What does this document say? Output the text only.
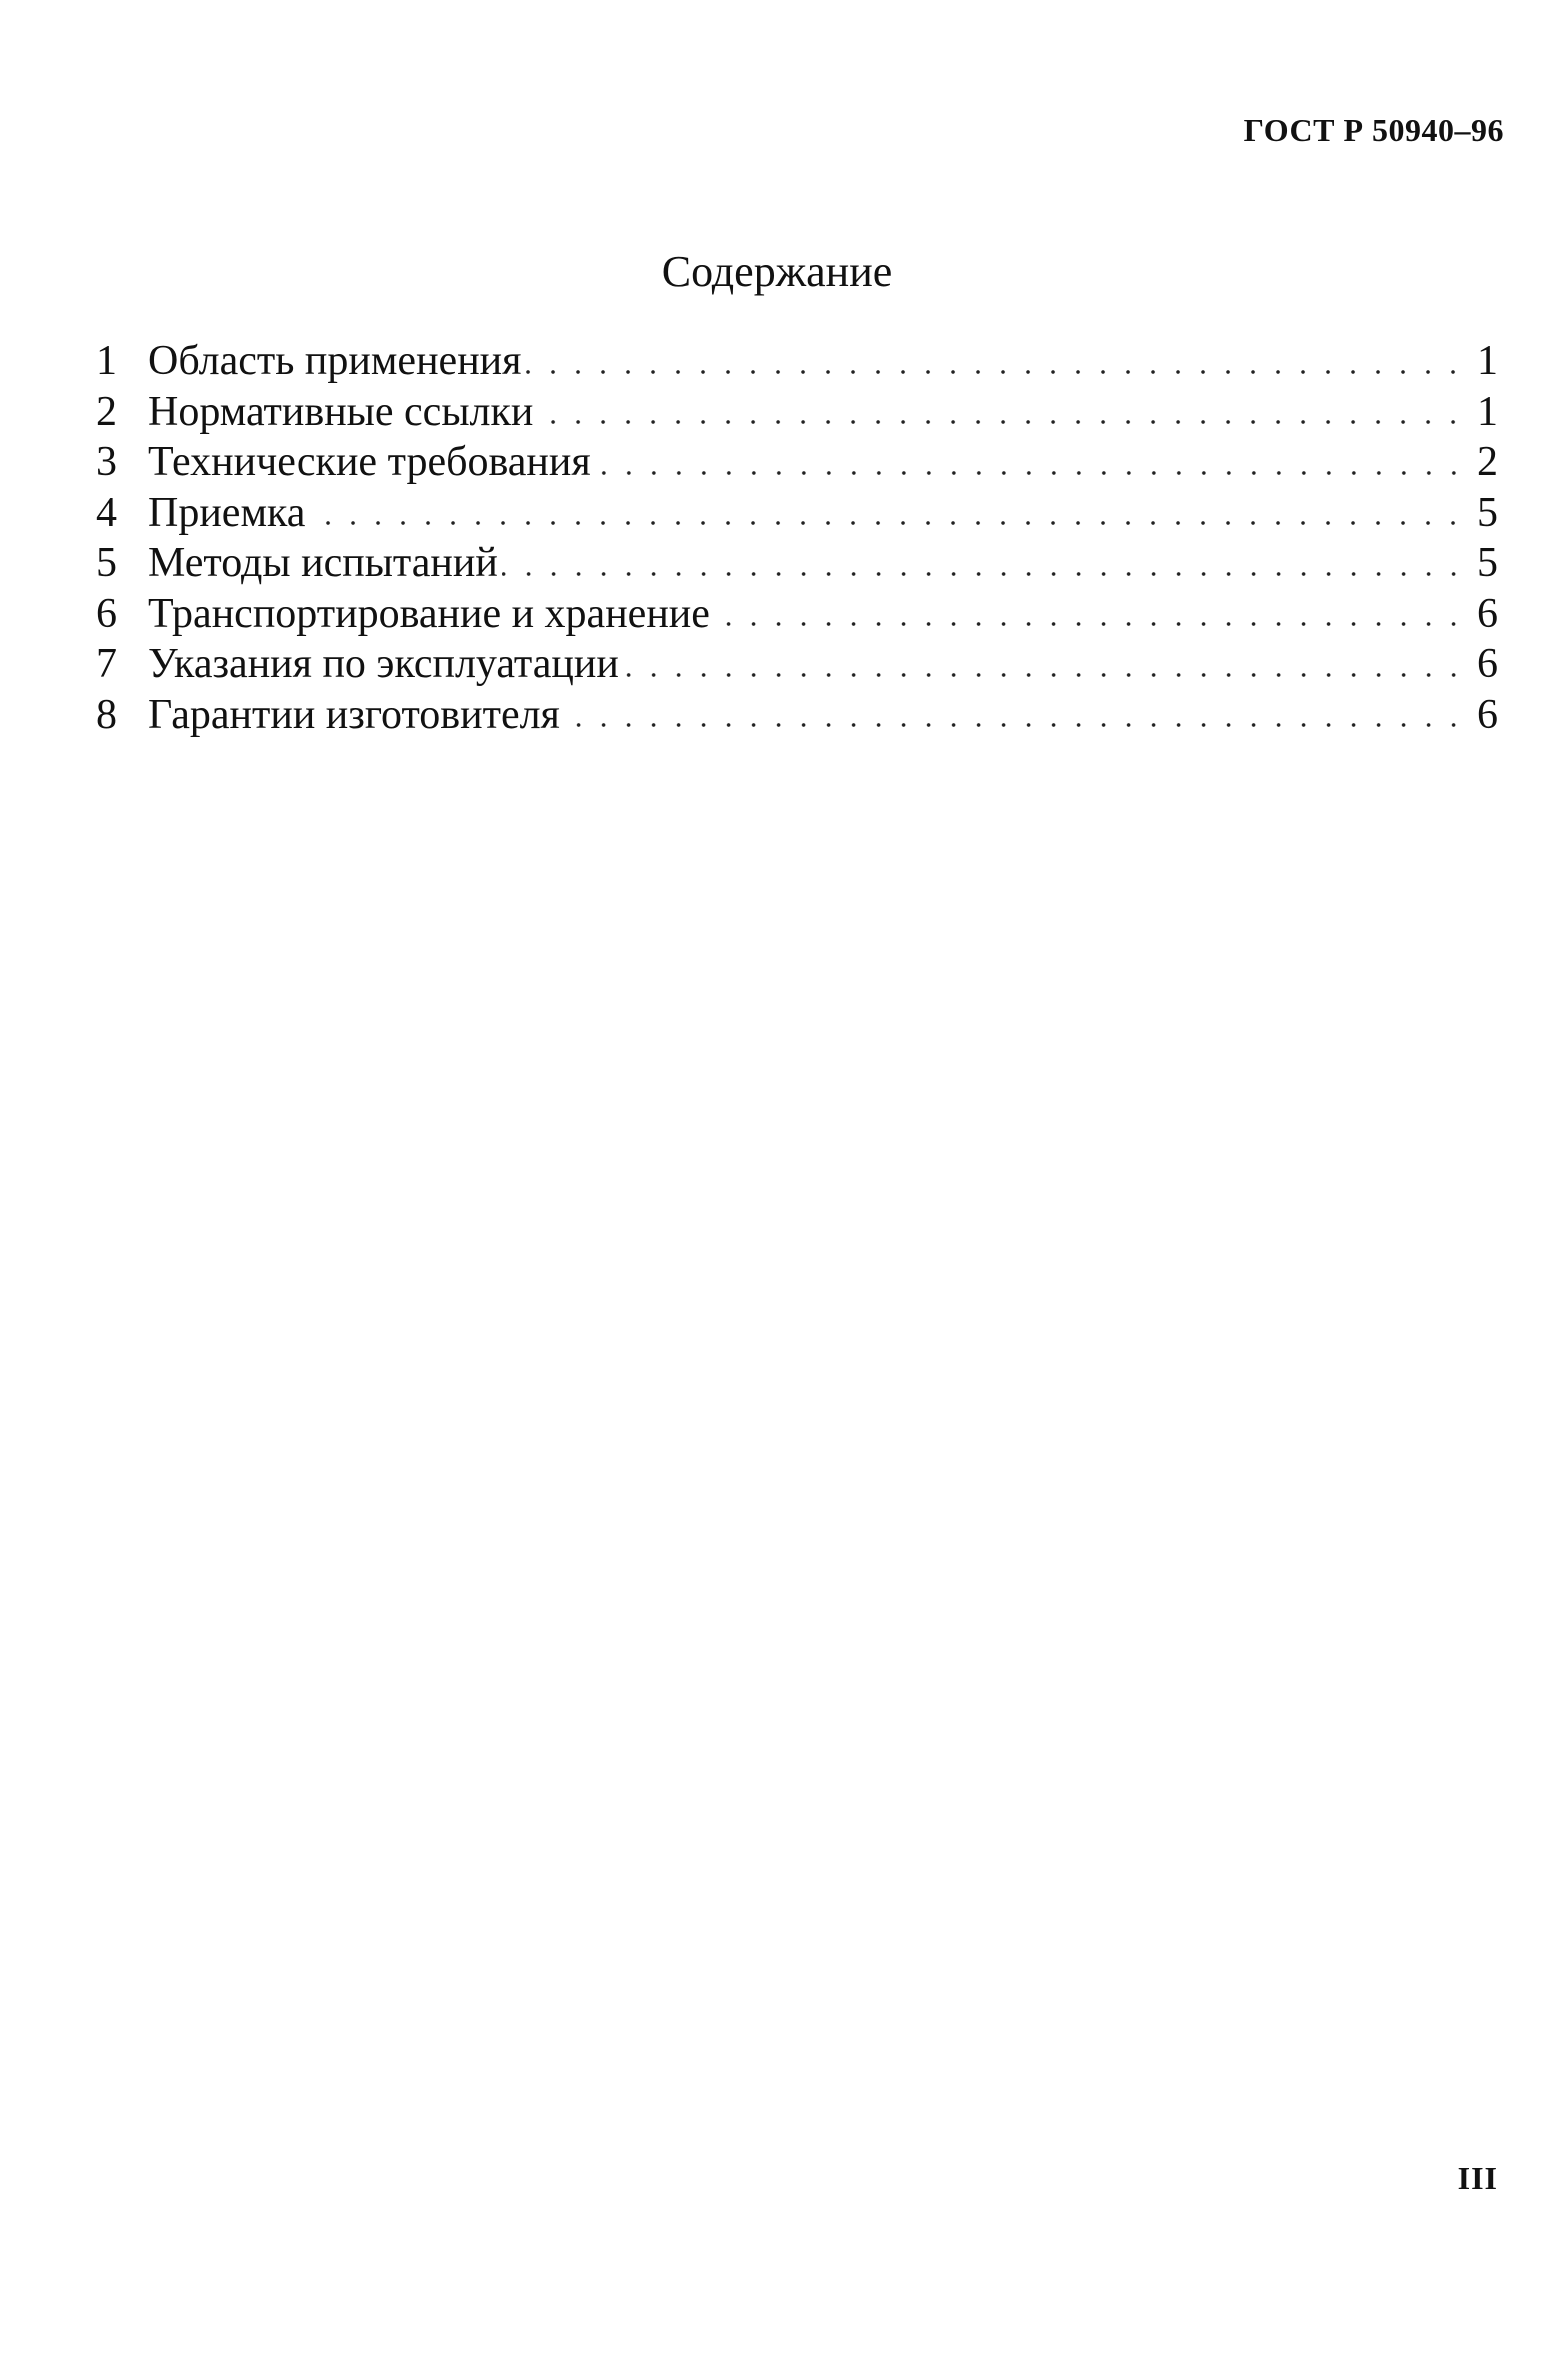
ГОСТ Р 50940–96
Содержание
1 Область применения	1
2 Нормативные ссылки	1
3 Технические требования	2
4 Приемка	5
5 Методы испытаний	5
6 Транспортирование и хранение	6
7 Указания по эксплуатации	6
8 Гарантии изготовителя	6
III
